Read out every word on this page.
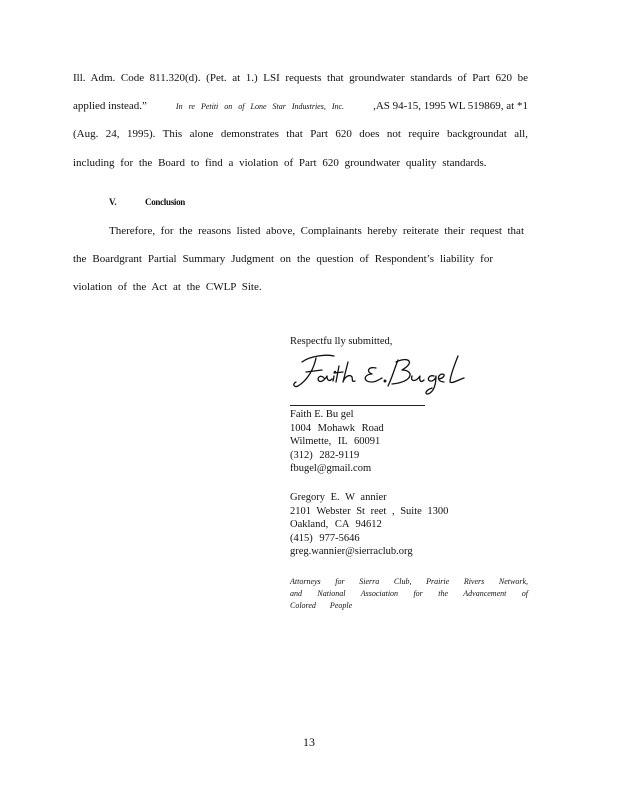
Ill. Adm. Code 811.320(d). (Pet. at 1.) LSI requests that groundwater standards of Part 620 be
applied instead.”	In re Petiti on of Lone Star Industries, Inc.	,AS 94-15, 1995 WL 519869, at *1
(Aug. 24, 1995). This alone demonstrates that Part 620 does not require backgroundat all,
including for the Board to find a violation of Part 620 groundwater quality standards.
V.	Conclusion
Therefore, for the reasons listed above, Complainants hereby reiterate their request that
the Boardgrant Partial Summary Judgment on the question of Respondent’s liability for
violation of the Act at the CWLP Site.
Respectfu lly submitted,
Faith E. Bu gel
1004 Mohawk Road
Wilmette, IL 60091
(312) 282-9119
fbugel@gmail.com
Gregory E. W annier
2101 Webster St reet , Suite 1300
Oakland, CA 94612
(415) 977-5646
greg.wannier@sierraclub.org
Attorneys for Sierra Club, Prairie Rivers Network,
and National Association for the Advancement of
Colored People
13
